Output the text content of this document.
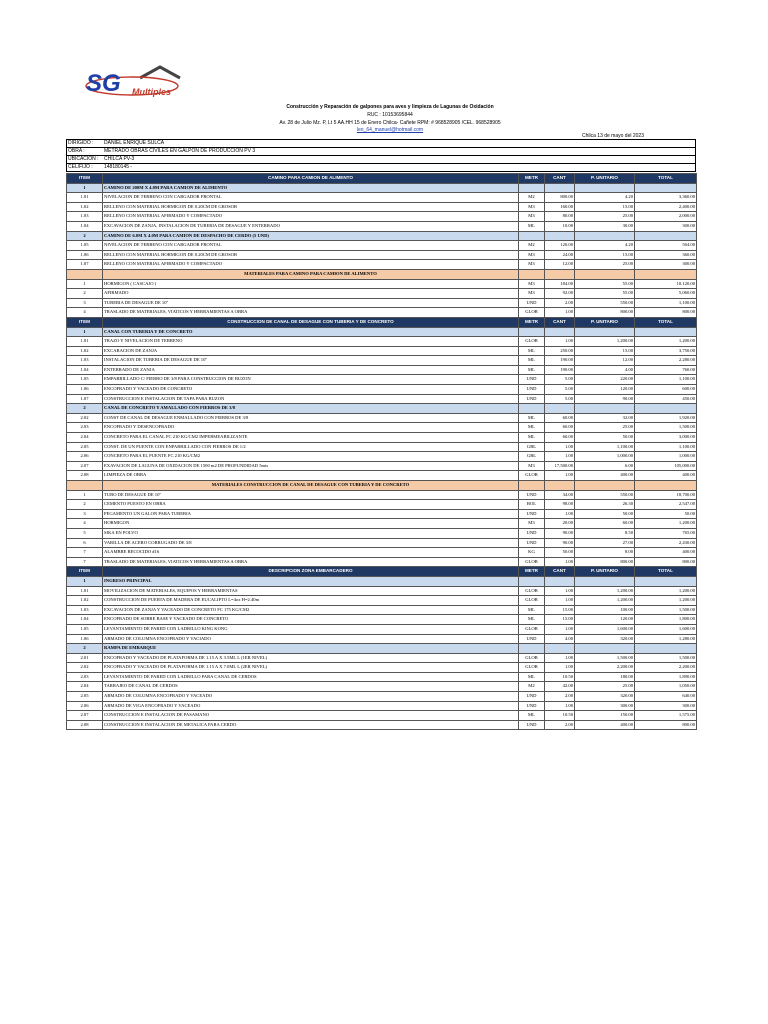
SG Multiples
Construcción y Reparación de galpones para aves y limpieza de Lagunas de Oxidación
RUC : 10153695844
Av. 28 de Julio Mz. P, Lt 5 AA.HH 15 de Enero Chilca- Cañete RPM: # 968528905 /CEL. 968528905
leo_64_manuel@hotmail.com
Chilca 13 de mayo del 2023
DIRIGIDO :	DANIEL ENRIQUE SULCA
OBRA :	METRADO OBRAS CIVILES EN GALPON DE PRODUCCION PV 3
UBICACION :	CHILCA PV-3
CEL/FIJO :	148180145 -
ITEM	CAMINO PARA CAMION DE ALIMENTO	METR	CANT	P. UNITARIO	TOTAL
1	CAMINO DE 200M X 4.0M PARA CAMION DE ALIMENTO				
1.01	NIVELACION DE TERRENO CON CARGADOR FRONTAL	M2	800.00	4.20	3,360.00
1.02	RELLENO CON MATERIAL HORMIGON DE 0.20CM DE GROSOR	M3	160.00	15.00	2,400.00
1.03	RELLENO CON MATERIAL AFIRMADO Y COMPACTADO	M3	80.00	25.00	2,000.00
1.04	EXCAVACION DE ZANJA, INSTALACION DE TUBERIA DE DESAGUE Y ENTERRADO	ML	10.00	30.00	300.00
2	CAMINO DE 6.0M X 4.0M PARA CAMION DE DESPACHO DE CERDO (5 UND)				
1.05	NIVELACION DE TERRENO CON CARGADOR FRONTAL	M2	120.00	4.20	504.00
1.06	RELLENO CON MATERIAL HORMIGON DE 0.20CM DE GROSOR	M3	24.00	15.00	360.00
1.07	RELLENO CON MATERIAL AFIRMADO Y COMPACTADO	M3	12.00	25.00	300.00
	MATERIALES PARA CAMINO PARA CAMION DE ALIMENTO				
1	HORMIGON ( CASCAJO )	M3	184.00	55.00	10,120.00
2	AFIRMADO	M3	92.00	55.00	5,060.00
3	TUBERIA DE DESAGUE DE 10"	UND	2.00	550.00	1,100.00
4	TRASLADO DE MATERIALES, VIATICOS Y HERRAMIENTAS A OBRA	GLOB	1.00	800.00	800.00
ITEM	CONSTRUCCION DE CANAL DE DESAGUE CON TUBERIA Y DE CONCRETO	METR	CANT	P. UNITARIO	TOTAL
1	CANAL CON TUBERIA Y DE CONCRETO				
1.01	TRAZO Y NIVELACION DE TERRENO	GLOB	1.00	1,200.00	1,200.00
1.02	EXCABACION DE ZANJA	ML	250.00	15.00	3,750.00
1.03	INSTALACION DE TUBERIA DE DESAGUE DE 10"	ML	190.00	12.00	2,280.00
1.04	ENTERRADO DE ZANJA	ML	190.00	4.00	760.00
1.05	EMPARRILLADO C/ FIERRO DE 3/8 PARA CONSTRUCCION DE BUZON	UND	5.00	220.00	1,100.00
1.06	ENCOFRADO Y VACEADO DE CONCRETO	UND	5.00	120.00	600.00
1.07	CONSTRUCCION E INSTALACION DE TAPA PARA BUZON	UND	5.00	90.00	450.00
2	CANAL DE CONCRETO Y AMALLADO CON FIERROS DE 3/8				
2.02	CONST DE CANAL DE DESAGUE ENMALLADO CON FIERROS DE 3/8	ML	60.00	32.00	1,920.00
2.03	ENCOFRADO Y DESENCOFRADO	ML	60.00	25.00	1,500.00
2.04	CONCRETO PARA EL CANAL FC 210 KG/CM2 IMPERMEABILIZANTE	ML	60.00	50.00	3,000.00
2.05	CONST. DE UN PUENTE CON ENPARRILLADO CON FIERROS DE 1/2	GBL	1.00	1,100.00	1,100.00
2.06	CONCRETO PARA EL PUENTE FC 210 KG/CM2	GBL	1.00	1,000.00	1,000.00
2.07	EXAVACION DE LAGUNA DE OXIDACION DE 1500 m2 DE PROFUNDIDAD 5mts	M3	17,500.00	6.00	105,000.00
2.08	LIMPIEZA DE OBRA	GLOB	1.00	400.00	400.00
	MATERIALES CONSTRUCCION DE CANAL DE DESAGUE CON TUBERIA Y DE CONCRETO				
1	TUBO DE DESAGUE DE 10"	UND	34.00	550.00	18,700.00
2	CEMENTO PUESTO EN OBRA	BOL	98.00	26.30	2,547.00
3	PEGAMENTO UN GALON PARA TUBERIA	UND	1.00	50.00	50.00
4	HORMIGON	M3	20.00	60.00	1,200.00
5	SIKA EN POLVO	UND	90.00	8.50	765.00
6	VARILLA DE ACERO CORRUGADO DE 3/8	UND	90.00	27.00	2,430.00
7	ALAMBRE RECOCIDO #16	KG	50.00	8.00	400.00
7	TRASLADO DE MATERIALES, VIATICOS Y HERRAMIENTAS A OBRA	GLOB	1.00	800.00	800.00
ITEM	DESCRIPCION ZONA EMBARCADERO	METR	CANT	P. UNITARIO	TOTAL
1	INGRESO PRINCIPAL				
1.01	MOVILIZACION DE MATERIALES, EQUIPOS Y HERRAMIENTAS	GLOB	1.00	1,200.00	1,200.00
1.02	CONSTRUCCION DE PUERTA DE MADERA DE EUCALIPTO L=4ox H=2.40m	GLOB	1.00	1,200.00	1,200.00
1.03	EXCAVACION DE ZANJA Y VACEADO DE CONCRETO FC 175 KG/CM2	ML	15.00	100.00	1,500.00
1.04	ENCOFRADO DE SOBRE BASE Y VACEADO DE CONCRETO	ML	15.00	120.00	1,800.00
1.05	LEVANTAMIENTO DE PARED CON LADRILLO KING KONG	GLOB	1.00	1,600.00	1,600.00
1.06	ARMADO DE COLUMNA ENCOFRADO Y VACIADO	UND	4.00	320.00	1,280.00
2	RAMPA DE EMBARQUE				
2.01	ENCOFRADO Y VACEADO DE PLATAFORMA DE 1.15 A X 3.5ML L (1ER NIVEL)	GLOB	1.00	1,500.00	1,500.00
2.02	ENCOFRADO Y VACEADO DE PLATAFORMA DE 1.15 A X 7.0ML L (2ER NIVEL)	GLOB	1.00	2,200.00	2,200.00
2.03	LEVANTAMIENTO DE PARED CON LADRILLO PARA CANAL DE CERDOS	ML	10.50	180.00	1,890.00
2.04	TARRAJEO DE CANAL DE CERDOS	M2	42.00	25.00	1,050.00
2.05	ARMADO DE COLUMNA ENCOFRADO Y VACEADO	UND	2.00	320.00	640.00
2.06	ARMADO DE VIGA ENCOFRADO Y VACEADO	UND	1.00	300.00	300.00
2.07	CONSTRUCCION E INSTALACION DE PASAMANO	ML	10.50	150.00	1,575.00
2.08	CONSTRUCCION E INSTALACION DE METALICA PARA CERDO	UND	2.00	400.00	800.00
